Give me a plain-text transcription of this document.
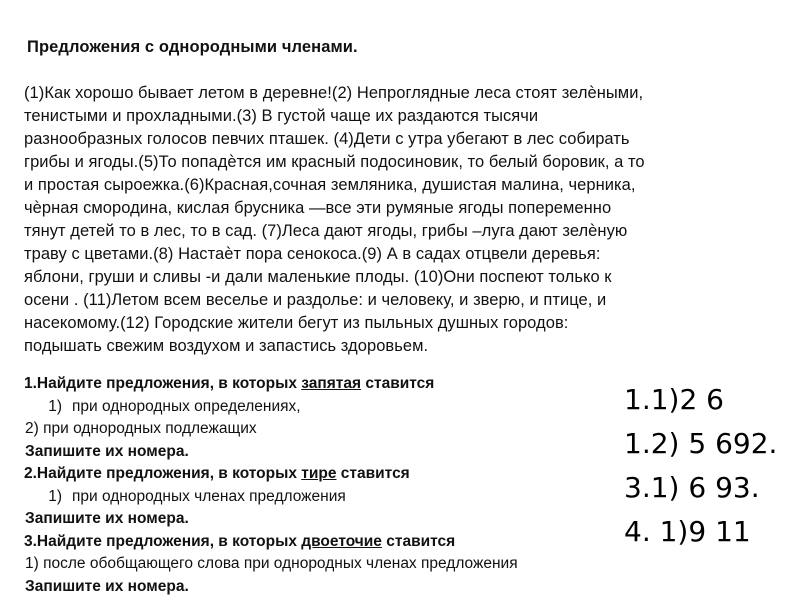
Предложения с однородными членами.
(1)Как хорошо бывает летом в деревне!(2) Непроглядные леса стоят зелѐными,
тенистыми и прохладными.(3) В густой чаще их раздаются тысячи
разнообразных голосов певчих пташек. (4)Дети с утра убегают в лес собирать
грибы и ягоды.(5)То попадѐтся им красный подосиновик, то белый боровик, а то
и простая сыроежка.(6)Красная,сочная земляника, душистая малина, черника,
чѐрная смородина, кислая брусника —все эти румяные ягоды попеременно
тянут детей то в лес, то в сад. (7)Леса дают ягоды, грибы –луга дают зелѐную
траву с цветами.(8) Настаѐт пора сенокоса.(9) А в садах отцвели деревья:
яблони, груши и сливы -и дали маленькие плоды. (10)Они поспеют только к
осени . (11)Летом всем веселье и раздолье: и человеку, и зверю, и птице, и
насекомому.(12) Городские жители бегут из пыльных душных городов:
подышать свежим воздухом и запастись здоровьем.
1.Найдите предложения, в которых запятая ставится
1) при однородных определениях,
2) при однородных подлежащих
Запишите их номера.
2.Найдите предложения, в которых тире ставится
1) при однородных членах предложения
Запишите их номера.
3.Найдите предложения, в которых двоеточие ставится
1) после обобщающего слова при однородных членах предложения
Запишите их номера.
1.1)2 6
1.2) 5 692.
3.1) 6 93.
4. 1)9 11
